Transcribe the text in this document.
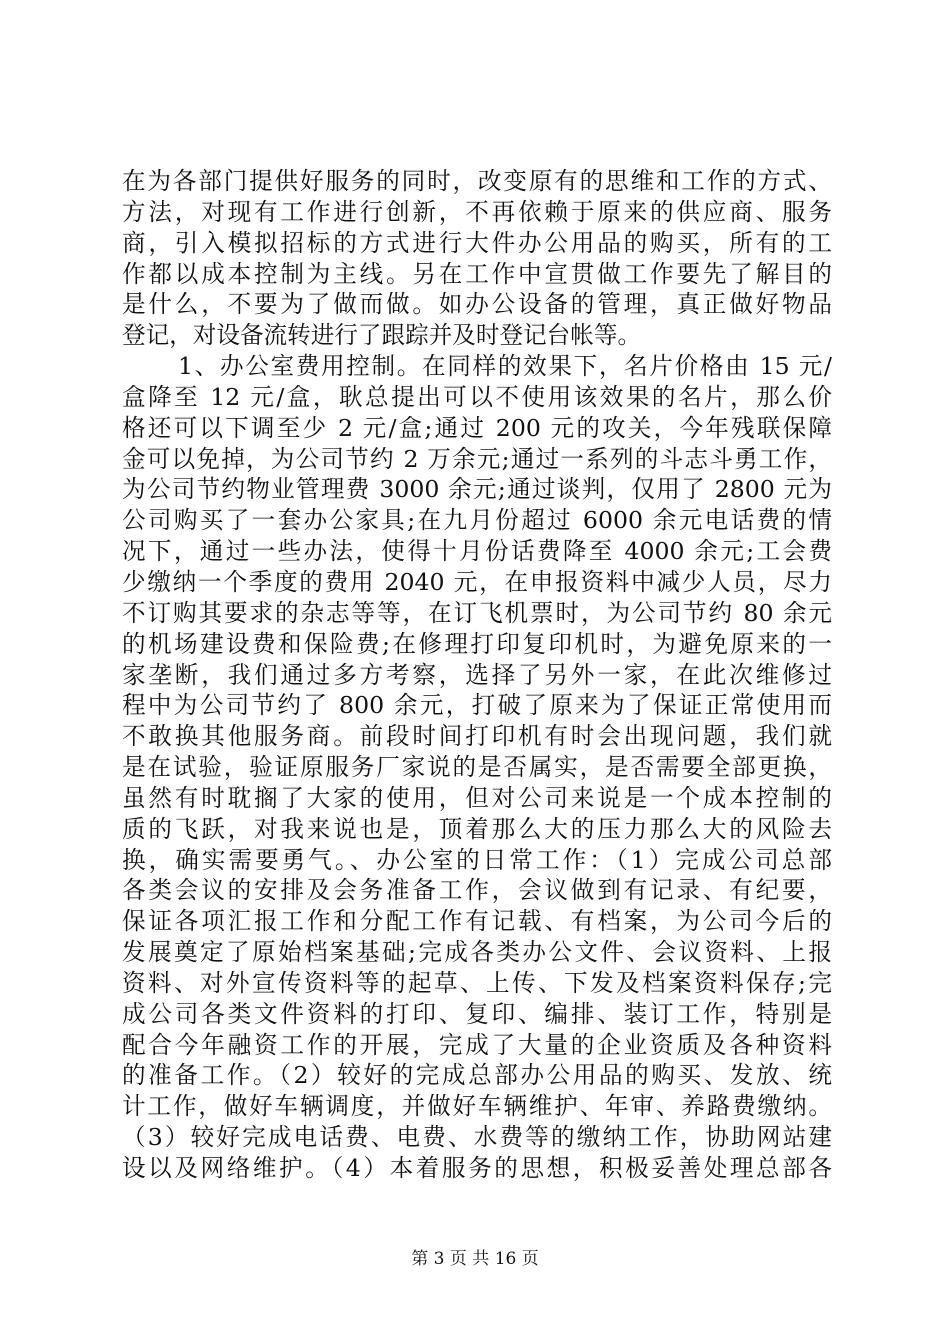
在为各部门提供好服务的同时，改变原有的思维和工作的方式、
方法，对现有工作进行创新，不再依赖于原来的供应商、服务
商，引入模拟招标的方式进行大件办公用品的购买，所有的工
作都以成本控制为主线。另在工作中宣贯做工作要先了解目的
是什么，不要为了做而做。如办公设备的管理，真正做好物品
登记，对设备流转进行了跟踪并及时登记台帐等。
1、办公室费用控制。在同样的效果下，名片价格由 15 元/
盒降至 12 元/盒，耿总提出可以不使用该效果的名片，那么价
格还可以下调至少 2 元/盒;通过 200 元的攻关，今年残联保障
金可以免掉，为公司节约 2 万余元;通过一系列的斗志斗勇工作，
为公司节约物业管理费 3000 余元;通过谈判，仅用了 2800 元为
公司购买了一套办公家具;在九月份超过 6000 余元电话费的情
况下，通过一些办法，使得十月份话费降至 4000 余元;工会费
少缴纳一个季度的费用 2040 元，在申报资料中减少人员，尽力
不订购其要求的杂志等等，在订飞机票时，为公司节约 80 余元
的机场建设费和保险费;在修理打印复印机时，为避免原来的一
家垄断，我们通过多方考察，选择了另外一家，在此次维修过
程中为公司节约了 800 余元，打破了原来为了保证正常使用而
不敢换其他服务商。前段时间打印机有时会出现问题，我们就
是在试验，验证原服务厂家说的是否属实，是否需要全部更换，
虽然有时耽搁了大家的使用，但对公司来说是一个成本控制的
质的飞跃，对我来说也是，顶着那么大的压力那么大的风险去
换，确实需要勇气。、办公室的日常工作：（1）完成公司总部
各类会议的安排及会务准备工作，会议做到有记录、有纪要，
保证各项汇报工作和分配工作有记载、有档案，为公司今后的
发展奠定了原始档案基础;完成各类办公文件、会议资料、上报
资料、对外宣传资料等的起草、上传、下发及档案资料保存;完
成公司各类文件资料的打印、复印、编排、装订工作，特别是
配合今年融资工作的开展，完成了大量的企业资质及各种资料
的准备工作。（2）较好的完成总部办公用品的购买、发放、统
计工作，做好车辆调度，并做好车辆维护、年审、养路费缴纳。
（3）较好完成电话费、电费、水费等的缴纳工作，协助网站建
设以及网络维护。（4）本着服务的思想，积极妥善处理总部各
第 3 页 共 16 页
